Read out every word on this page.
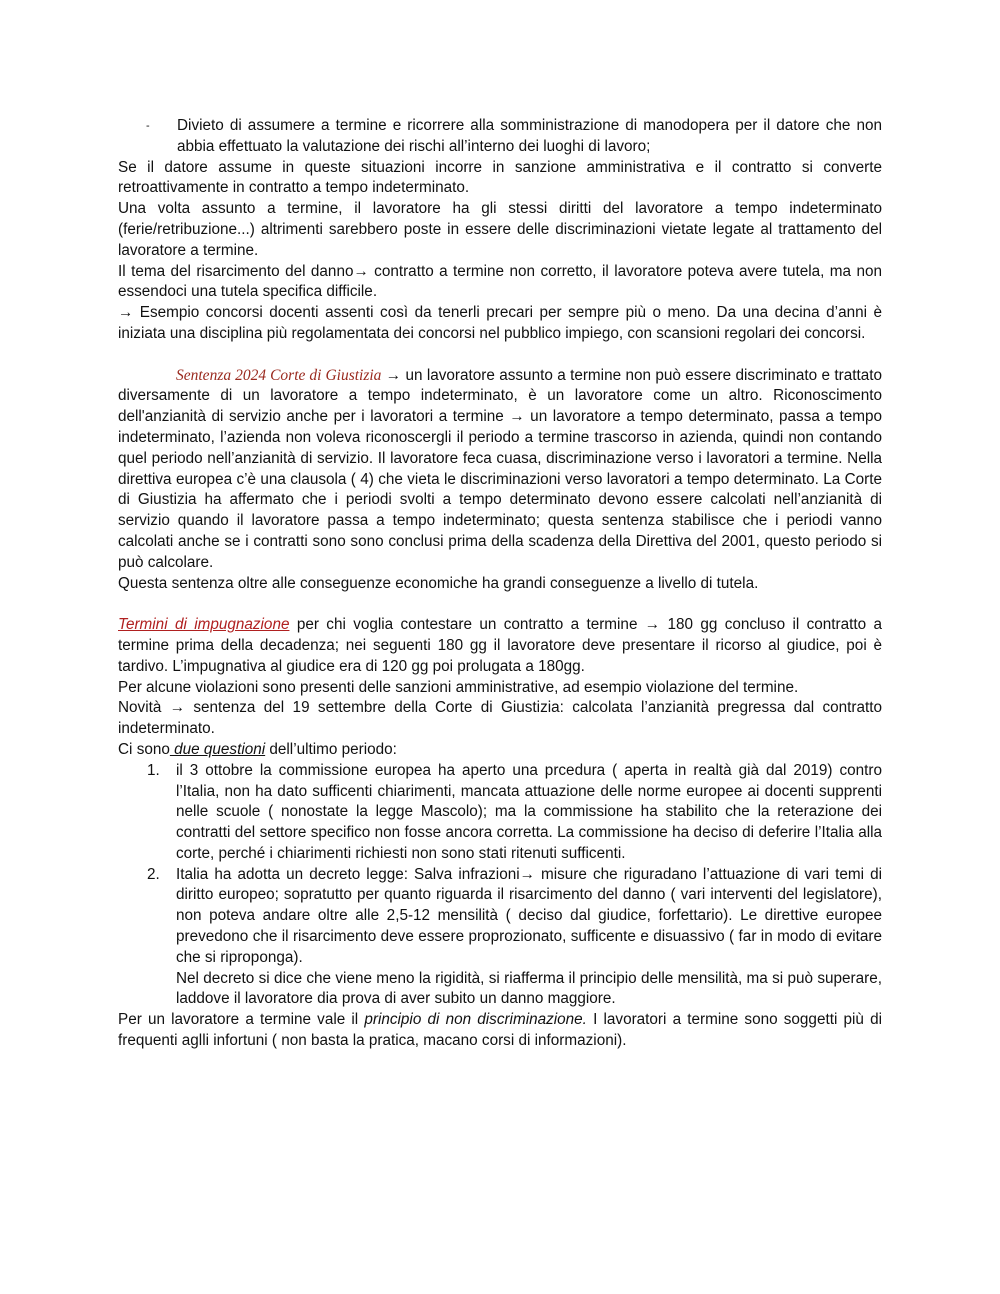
- Divieto di assumere a termine e ricorrere alla somministrazione di manodopera per il datore che non abbia effettuato la valutazione dei rischi all’interno dei luoghi di lavoro;

Se il datore assume in queste situazioni incorre in sanzione amministrativa e il contratto si converte retroattivamente in contratto a tempo indeterminato.

Una volta assunto a termine, il lavoratore ha gli stessi diritti del lavoratore a tempo indeterminato (ferie/retribuzione...) altrimenti sarebbero poste in essere delle discriminazioni vietate legate al trattamento del lavoratore a termine.

Il tema del risarcimento del danno→ contratto a termine non corretto, il lavoratore poteva avere tutela, ma non essendoci una tutela specifica difficile.

→ Esempio concorsi docenti assenti così da tenerli precari per sempre più o meno. Da una decina d’anni è iniziata una disciplina più regolamentata dei concorsi nel pubblico impiego, con scansioni regolari dei concorsi.

Sentenza 2024 Corte di Giustizia → un lavoratore assunto a termine non può essere discriminato e trattato diversamente di un lavoratore a tempo indeterminato, è un lavoratore come un altro. Riconoscimento dell'anzianità di servizio anche per i lavoratori a termine → un lavoratore a tempo determinato, passa a tempo indeterminato, l’azienda non voleva riconoscergli il periodo a termine trascorso in azienda, quindi non contando quel periodo nell’anzianità di servizio. Il lavoratore feca cuasa, discriminazione verso i lavoratori a termine. Nella direttiva europea c’è una clausola ( 4) che vieta le discriminazioni verso lavoratori a tempo determinato. La Corte di Giustizia ha affermato che i periodi svolti a tempo determinato devono essere calcolati nell’anzianità di servizio quando il lavoratore passa a tempo indeterminato; questa sentenza stabilisce che i periodi vanno calcolati anche se i contratti sono sono conclusi prima della scadenza della Direttiva del 2001, questo periodo si può calcolare.

Questa sentenza oltre alle conseguenze economiche ha grandi conseguenze a livello di tutela.

Termini di impugnazione per chi voglia contestare un contratto a termine → 180 gg concluso il contratto a termine prima della decadenza; nei seguenti 180 gg il lavoratore deve presentare il ricorso al giudice, poi è tardivo. L’impugnativa al giudice era di 120 gg poi prolugata a 180gg.

Per alcune violazioni sono presenti delle sanzioni amministrative, ad esempio violazione del termine.

Novità → sentenza del 19 settembre della Corte di Giustizia: calcolata l’anzianità pregressa dal contratto indeterminato.

Ci sono due questioni dell’ultimo periodo:

1. il 3 ottobre la commissione europea ha aperto una prcedura ( aperta in realtà già dal 2019) contro l’Italia, non ha dato sufficenti chiarimenti, mancata attuazione delle norme europee ai docenti supprenti nelle scuole ( nonostate la legge Mascolo); ma la commissione ha stabilito che la reterazione dei contratti del settore specifico non fosse ancora corretta. La commissione ha deciso di deferire l’Italia alla corte, perché i chiarimenti richiesti non sono stati ritenuti sufficenti.
2. Italia ha adotta un decreto legge: Salva infrazioni→ misure che riguradano l’attuazione di vari temi di diritto europeo; sopratutto per quanto riguarda il risarcimento del danno ( vari interventi del legislatore), non poteva andare oltre alle 2,5-12 mensilità ( deciso dal giudice, forfettario). Le direttive europee prevedono che il risarcimento deve essere proprozionato, sufficente e disuassivo ( far in modo di evitare che si riproponga).
Nel decreto si dice che viene meno la rigidità, si riafferma il principio delle mensilità, ma si può superare, laddove il lavoratore dia prova di aver subito un danno maggiore.

Per un lavoratore a termine vale il principio di non discriminazione. I lavoratori a termine sono soggetti più di frequenti aglli infortuni ( non basta la pratica, macano corsi di informazioni).
